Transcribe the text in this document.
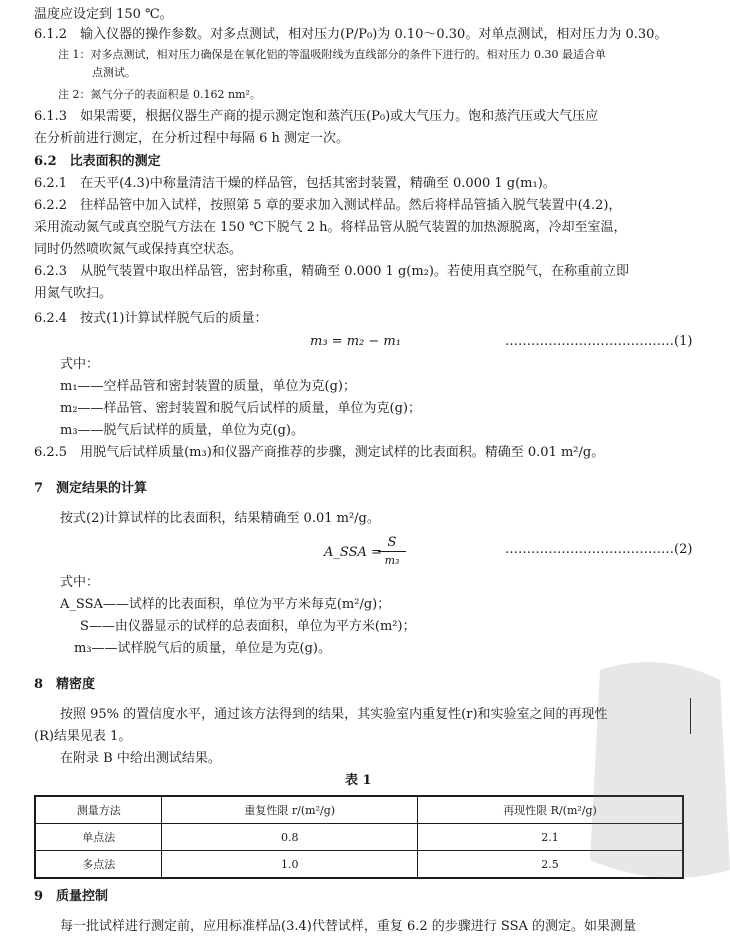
温度应设定到 150 ℃。
6.1.2　输入仪器的操作参数。对多点测试，相对压力(P/P₀)为 0.10～0.30。对单点测试，相对压力为 0.30。
注 1：对多点测试，相对压力确保是在氧化铝的等温吸附线为直线部分的条件下进行的。相对压力 0.30 最适合单
点测试。
注 2：氮气分子的表面积是 0.162 nm²。
6.1.3　如果需要，根据仪器生产商的提示测定饱和蒸汽压(P₀)或大气压力。饱和蒸汽压或大气压应
在分析前进行测定，在分析过程中每隔 6 h 测定一次。
6.2　比表面积的测定
6.2.1　在天平(4.3)中称量清洁干燥的样品管，包括其密封装置，精确至 0.000 1 g(m₁)。
6.2.2　往样品管中加入试样，按照第 5 章的要求加入测试样品。然后将样品管插入脱气装置中(4.2)，
采用流动氮气或真空脱气方法在 150 ℃下脱气 2 h。将样品管从脱气装置的加热源脱离，冷却至室温，
同时仍然喷吹氮气或保持真空状态。
6.2.3　从脱气装置中取出样品管，密封称重，精确至 0.000 1 g(m₂)。若使用真空脱气，在称重前立即
用氮气吹扫。
6.2.4　按式(1)计算试样脱气后的质量：
m₃ = m₂ − m₁	…………………………………(1)
式中：
m₁——空样品管和密封装置的质量，单位为克(g)；
m₂——样品管、密封装置和脱气后试样的质量，单位为克(g)；
m₃——脱气后试样的质量，单位为克(g)。
6.2.5　用脱气后试样质量(m₃)和仪器产商推荐的步骤，测定试样的比表面积。精确至 0.01 m²/g。
7　测定结果的计算
按式(2)计算试样的比表面积，结果精确至 0.01 m²/g。
A_SSA =
S
m₃
…………………………………(2)
式中：
A_SSA——试样的比表面积，单位为平方米每克(m²/g)；
S——由仪器显示的试样的总表面积，单位为平方米(m²)；
m₃——试样脱气后的质量，单位是为克(g)。
8　精密度
按照 95% 的置信度水平，通过该方法得到的结果，其实验室内重复性(r)和实验室之间的再现性
(R)结果见表 1。
在附录 B 中给出测试结果。
表 1
测量方法	重复性限 r/(m²/g)	再现性限 R/(m²/g)
单点法	0.8	2.1
多点法	1.0	2.5
9　质量控制
每一批试样进行测定前，应用标准样品(3.4)代替试样，重复 6.2 的步骤进行 SSA 的测定。如果测量
